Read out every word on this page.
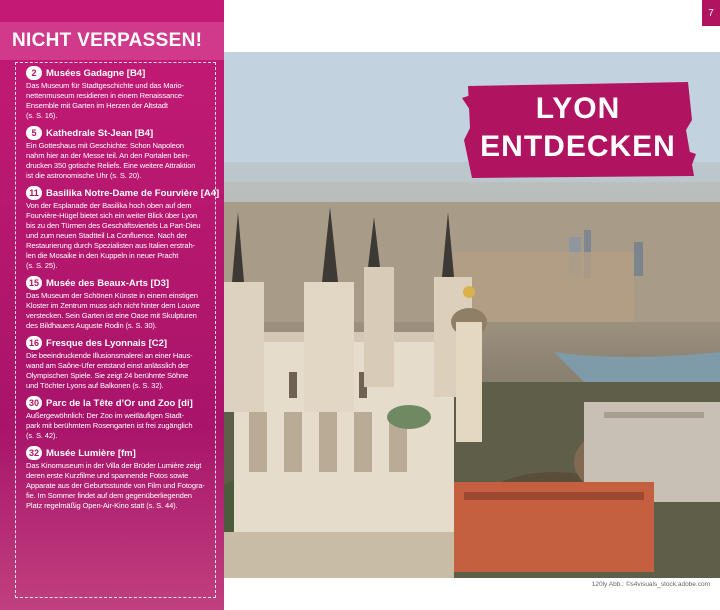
7
NICHT VERPASSEN!
2	Musées Gadagne [B4]
Das Museum für Stadtgeschichte und das Mario-
nettenmuseum residieren in einem Renaissance-
Ensemble mit Garten im Herzen der Altstadt
(s. S. 16).
5	Kathedrale St-Jean [B4]
Ein Gotteshaus mit Geschichte: Schon Napoleon
nahm hier an der Messe teil. An den Portalen bein-
drucken 350 gotische Reliefs. Eine weitere Attraktion
ist die astronomische Uhr (s. S. 20).
11 Basilika Notre-Dame de Fourvière [A4]
Von der Esplanade der Basilika hoch oben auf dem
Fourvière-Hügel bietet sich ein weiter Blick über Lyon
bis zu den Türmen des Geschäftsviertels La Part-Dieu
und zum neuen Stadtteil La Confluence. Nach der
Restaurierung durch Spezialisten aus Italien erstrah-
len die Mosaike in den Kuppeln in neuer Pracht
(s. S. 25).
15 Musée des Beaux-Arts [D3]
Das Museum der Schönen Künste in einem einstigen
Kloster im Zentrum muss sich nicht hinter dem Louvre
verstecken. Sein Garten ist eine Oase mit Skulpturen
des Bildhauers Auguste Rodin (s. S. 30).
16 Fresque des Lyonnais [C2]
Die beeindruckende Illusionsmalerei an einer Haus-
wand am Saône-Ufer entstand einst anlässlich der
Olympischen Spiele. Sie zeigt 24 berühmte Söhne
und Töchter Lyons auf Balkonen (s. S. 32).
30 Parc de la Tête d’Or und Zoo [di]
Außergewöhnlich: Der Zoo im weitläufigen Stadt-
park mit berühmtem Rosengarten ist frei zugänglich
(s. S. 42).
32 Musée Lumière [fm]
Das Kinomuseum in der Villa der Brüder Lumière zeigt
deren erste Kurzfilme und spannende Fotos sowie
Apparate aus der Geburtsstunde von Film und Fotogra-
fie. Im Sommer findet auf dem gegenüberliegenden
Platz regelmäßig Open-Air-Kino statt (s. S. 44).
LYON
ENTDECKEN
120ly Abb.: ©s4visuals_stock.adobe.com
